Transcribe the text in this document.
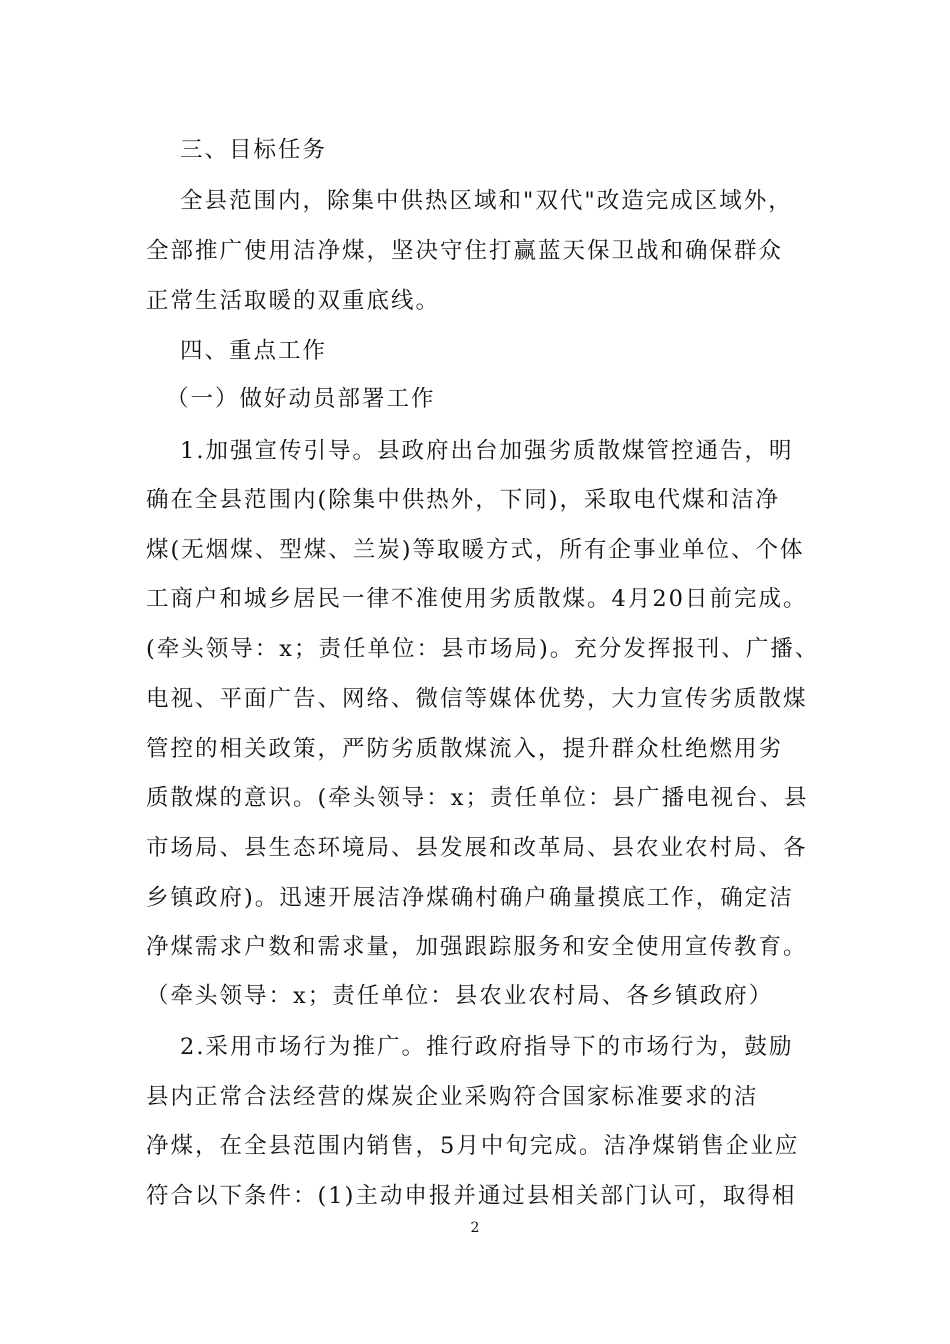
三、目标任务
全县范围内，除集中供热区域和"双代"改造完成区域外，
全部推广使用洁净煤，坚决守住打赢蓝天保卫战和确保群众
正常生活取暖的双重底线。
四、重点工作
（一）做好动员部署工作
1.加强宣传引导。县政府出台加强劣质散煤管控通告，明
确在全县范围内(除集中供热外，下同)，采取电代煤和洁净
煤(无烟煤、型煤、兰炭)等取暖方式，所有企事业单位、个体
工商户和城乡居民一律不准使用劣质散煤。4月20日前完成。
(牵头领导：x；责任单位：县市场局)。充分发挥报刊、广播、
电视、平面广告、网络、微信等媒体优势，大力宣传劣质散煤
管控的相关政策，严防劣质散煤流入，提升群众杜绝燃用劣
质散煤的意识。(牵头领导：x；责任单位：县广播电视台、县
市场局、县生态环境局、县发展和改革局、县农业农村局、各
乡镇政府)。迅速开展洁净煤确村确户确量摸底工作，确定洁
净煤需求户数和需求量，加强跟踪服务和安全使用宣传教育。
（牵头领导：x；责任单位：县农业农村局、各乡镇政府）
2.采用市场行为推广。推行政府指导下的市场行为，鼓励
县内正常合法经营的煤炭企业采购符合国家标准要求的洁
净煤，在全县范围内销售，5月中旬完成。洁净煤销售企业应
符合以下条件：(1)主动申报并通过县相关部门认可，取得相
2
